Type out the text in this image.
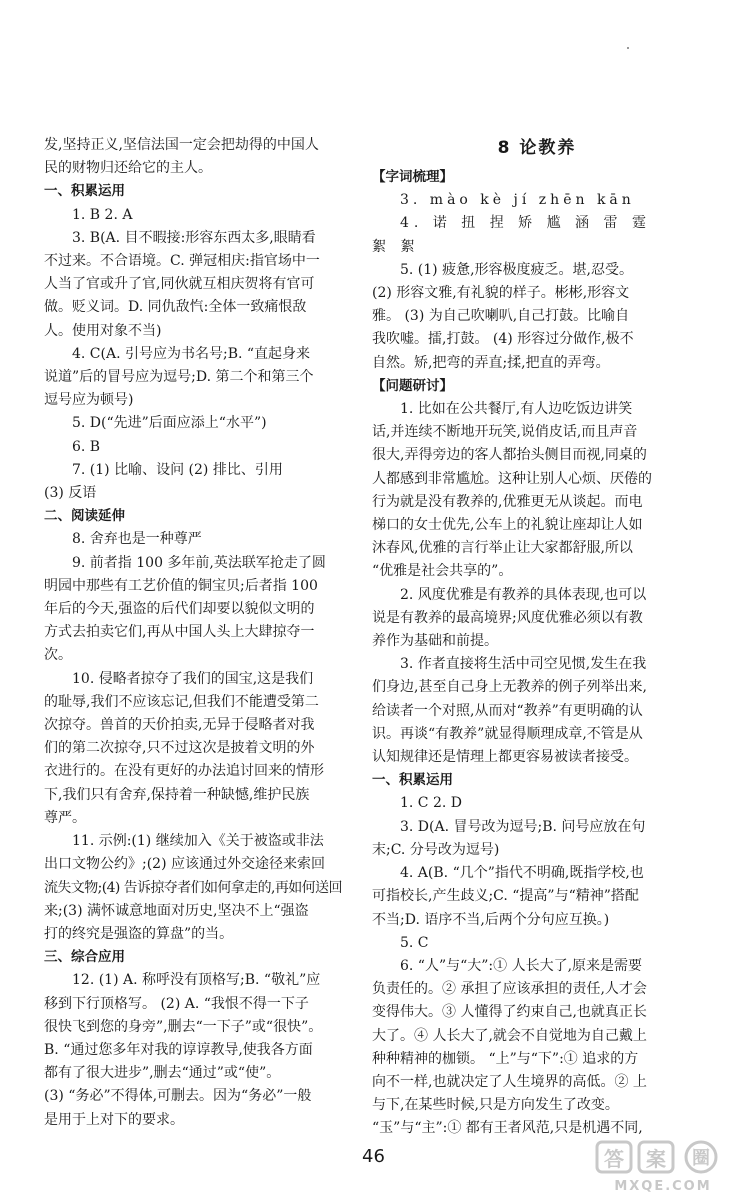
发,坚持正义,坚信法国一定会把劫得的中国人

民的财物归还给它的主人。

一、积累运用

1. B 2. A

3. B(A. 目不暇接:形容东西太多,眼睛看

不过来。不合语境。C. 弹冠相庆:指官场中一

人当了官或升了官,同伙就互相庆贺将有官可

做。贬义词。D. 同仇敌忾:全体一致痛恨敌

人。使用对象不当)

4. C(A. 引号应为书名号;B. “直起身来

说道”后的冒号应为逗号;D. 第二个和第三个

逗号应为顿号)

5. D(“先进”后面应添上“水平”)

6. B

7. (1) 比喻、设问 (2) 排比、引用

(3) 反语

二、阅读延伸

8. 舍弃也是一种尊严

9. 前者指 100 多年前,英法联军抢走了圆

明园中那些有工艺价值的铜宝贝;后者指 100

年后的今天,强盗的后代们却要以貌似文明的

方式去拍卖它们,再从中国人头上大肆掠夺一

次。

10. 侵略者掠夺了我们的国宝,这是我们

的耻辱,我们不应该忘记,但我们不能遭受第二

次掠夺。兽首的天价拍卖,无异于侵略者对我

们的第二次掠夺,只不过这次是披着文明的外

衣进行的。在没有更好的办法追讨回来的情形

下,我们只有舍弃,保持着一种缺憾,维护民族

尊严。

11. 示例:(1) 继续加入《关于被盗或非法

出口文物公约》;(2) 应该通过外交途径来索回

流失文物;(4) 告诉掠夺者们如何拿走的,再如何送回

来;(3) 满怀诚意地面对历史,坚决不上“强盗

打的终究是强盗的算盘”的当。

三、综合应用

12. (1) A. 称呼没有顶格写;B. “敬礼”应

移到下行顶格写。 (2) A. “我恨不得一下子

很快飞到您的身旁”,删去“一下子”或“很快”。

B. “通过您多年对我的谆谆教导,使我各方面

都有了很大进步”,删去“通过”或“使”。

(3) “务必”不得体,可删去。因为“务必”一般

是用于上对下的要求。

8 论教养

【字词梳理】

3. mào kè jí zhēn kān

4. 诺 扭 捏 矫 尴 涵 雷 霆

絮 絮

5. (1) 疲惫,形容极度疲乏。堪,忍受。

(2) 形容文雅,有礼貌的样子。彬彬,形容文

雅。 (3) 为自己吹喇叭,自己打鼓。比喻自

我吹嘘。擂,打鼓。 (4) 形容过分做作,极不

自然。矫,把弯的弄直;揉,把直的弄弯。

【问题研讨】

1. 比如在公共餐厅,有人边吃饭边讲笑

话,并连续不断地开玩笑,说俏皮话,而且声音

很大,弄得旁边的客人都抬头侧目而视,同桌的

人都感到非常尴尬。这种让别人心烦、厌倦的

行为就是没有教养的,优雅更无从谈起。而电

梯口的女士优先,公车上的礼貌让座却让人如

沐春风,优雅的言行举止让大家都舒服,所以

“优雅是社会共享的”。

2. 风度优雅是有教养的具体表现,也可以

说是有教养的最高境界;风度优雅必须以有教

养作为基础和前提。

3. 作者直接将生活中司空见惯,发生在我

们身边,甚至自己身上无教养的例子列举出来,

给读者一个对照,从而对“教养”有更明确的认

识。再谈“有教养”就显得顺理成章,不管是从

认知规律还是情理上都更容易被读者接受。

一、积累运用

1. C 2. D

3. D(A. 冒号改为逗号;B. 问号应放在句

末;C. 分号改为逗号)

4. A(B. “几个”指代不明确,既指学校,也

可指校长,产生歧义;C. “提高”与“精神”搭配

不当;D. 语序不当,后两个分句应互换。)

5. C

6. “人”与“大”:① 人长大了,原来是需要

负责任的。② 承担了应该承担的责任,人才会

变得伟大。③ 人懂得了约束自己,也就真正长

大了。④ 人长大了,就会不自觉地为自己戴上

种种精神的枷锁。 “上”与“下”:① 追求的方

向不一样,也就决定了人生境界的高低。② 上

与下,在某些时候,只是方向发生了改变。

“玉”与“主”:① 都有王者风范,只是机遇不同,

46	答 案 圈
MXQE.COM
